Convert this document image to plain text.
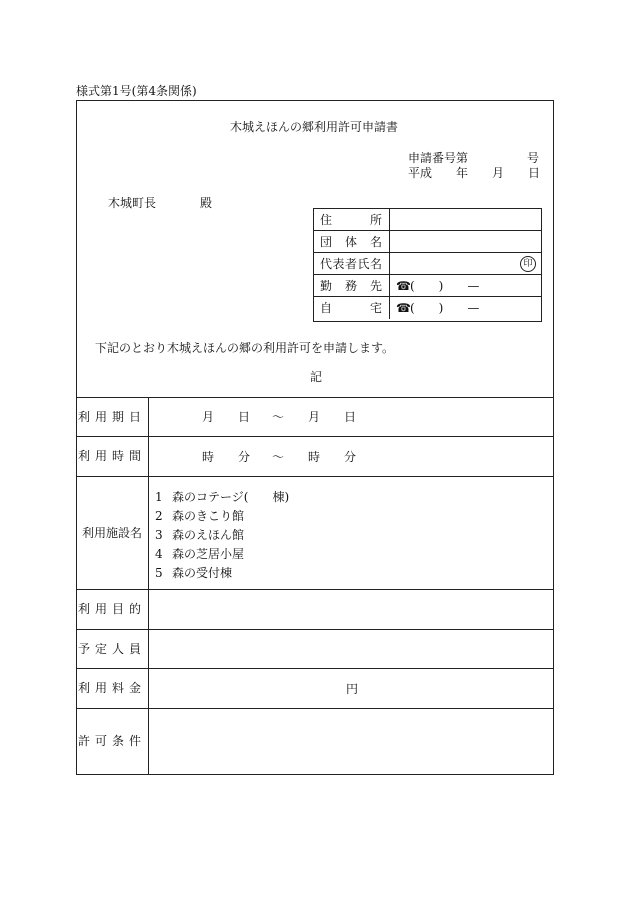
様式第1号(第4条関係)
木城えほんの郷利用許可申請書
申請番号第	号
平成 年 月 日
木城町長	殿
住	所
団 体 名
代 表 者 氏 名	印
勤 務 先 ☎(　　)　　—
自	宅 ☎(　　)　　—
下記のとおり木城えほんの郷の利用許可を申請します。
記
利用期日	月 日 〜 月 日
利用時間	時 分 〜 時 分
利用施設名
1 森のコテージ(　　棟)
2 森のきこり館
3 森のえほん館
4 森の芝居小屋
5 森の受付棟
利用目的
予定人員
利用料金	円
許可条件
